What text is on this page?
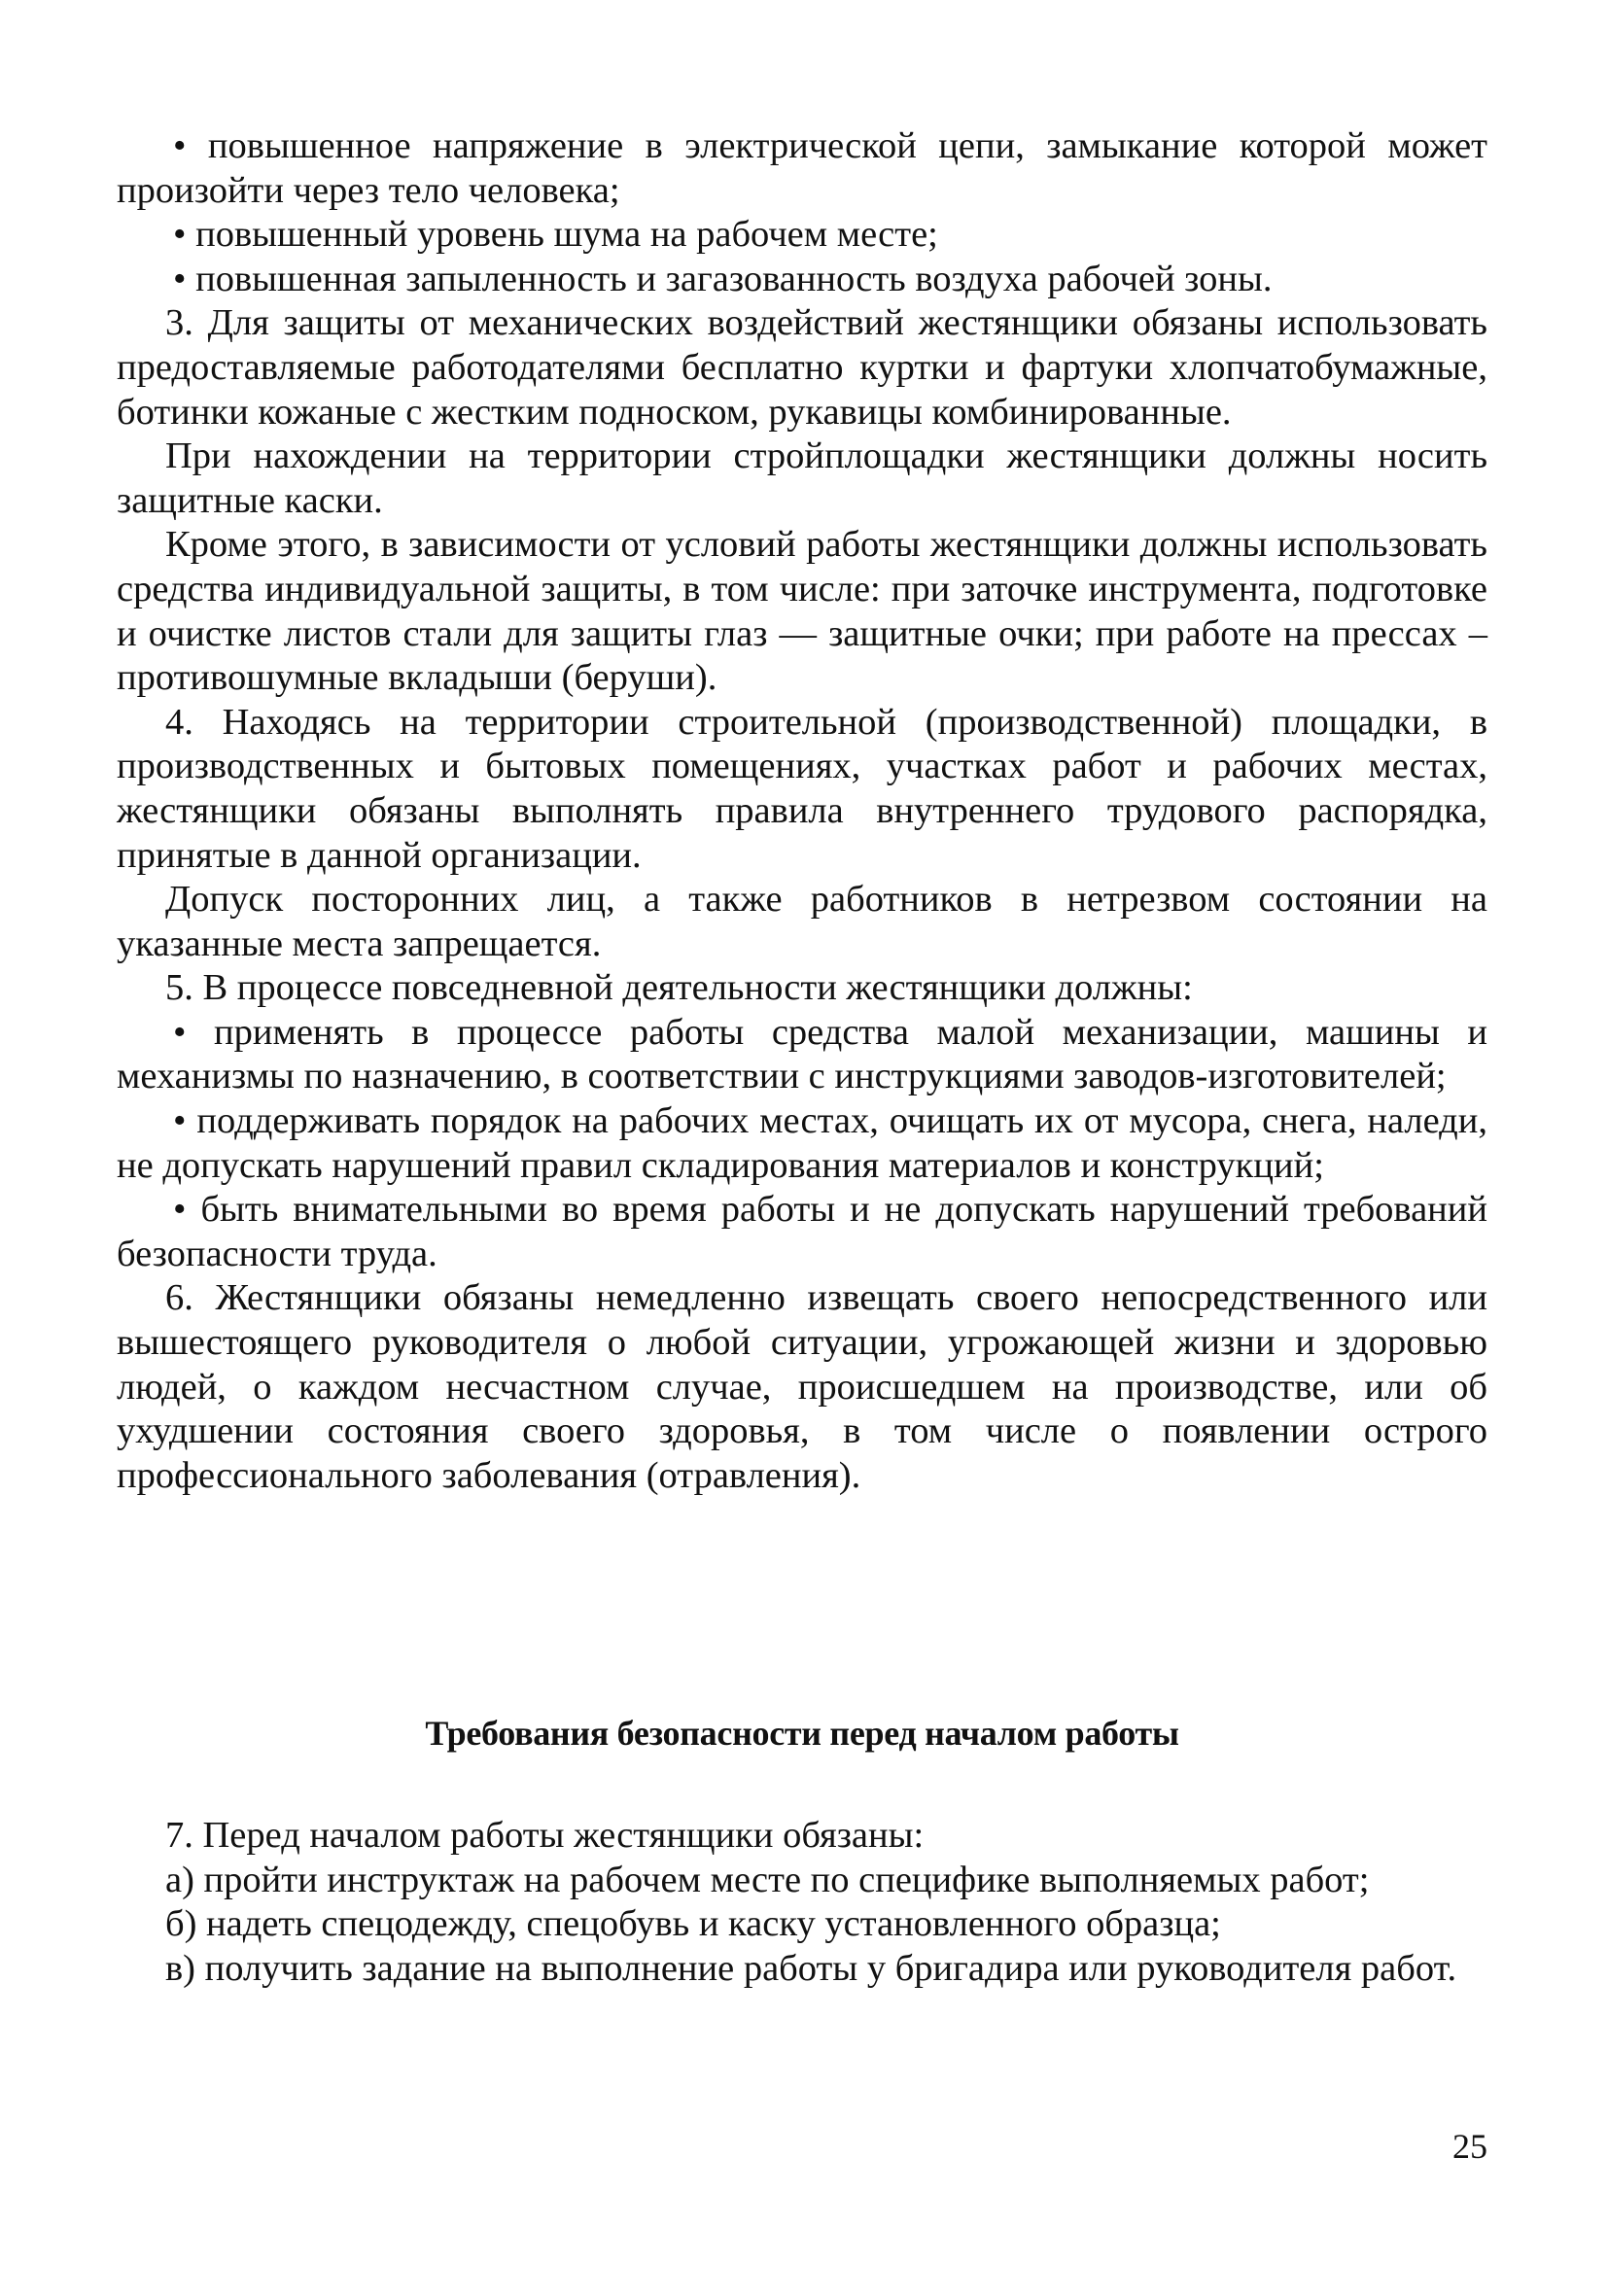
• повышенное напряжение в электрической цепи, замыкание которой может произойти через тело человека;

• повышенный уровень шума на рабочем месте;

• повышенная запыленность и загазованность воздуха рабочей зоны.

3. Для защиты от механических воздействий жестянщики обязаны использовать предоставляемые работодателями бесплатно куртки и фартуки хлопчатобумажные, ботинки кожаные с жестким подноском, рукавицы комбинированные.

При нахождении на территории стройплощадки жестянщики должны носить защитные каски.

Кроме этого, в зависимости от условий работы жестянщики должны использовать средства индивидуальной защиты, в том числе: при заточке инструмента, подготовке и очистке листов стали для защиты глаз — защитные очки; при работе на прессах – противошумные вкладыши (беруши).

4. Находясь на территории строительной (производственной) площадки, в производственных и бытовых помещениях, участках работ и рабочих местах, жестянщики обязаны выполнять правила внутреннего трудового распорядка, принятые в данной организации.

Допуск посторонних лиц, а также работников в нетрезвом состоянии на указанные места запрещается.

5. В процессе повседневной деятельности жестянщики должны:

• применять в процессе работы средства малой механизации, машины и механизмы по назначению, в соответствии с инструкциями заводов-изготовителей;

• поддерживать порядок на рабочих местах, очищать их от мусора, снега, наледи, не допускать нарушений правил складирования материалов и конструкций;

• быть внимательными во время работы и не допускать нарушений требований безопасности труда.

6. Жестянщики обязаны немедленно извещать своего непосредственного или вышестоящего руководителя о любой ситуации, угрожающей жизни и здоровью людей, о каждом несчастном случае, происшедшем на производстве, или об ухудшении состояния своего здоровья, в том числе о появлении острого профессионального заболевания (отравления).

Требования безопасности перед началом работы

7. Перед началом работы жестянщики обязаны:

а) пройти инструктаж на рабочем месте по специфике выполняемых работ;

б) надеть спецодежду, спецобувь и каску установленного образца;

в) получить задание на выполнение работы у бригадира или руководителя работ.

25
